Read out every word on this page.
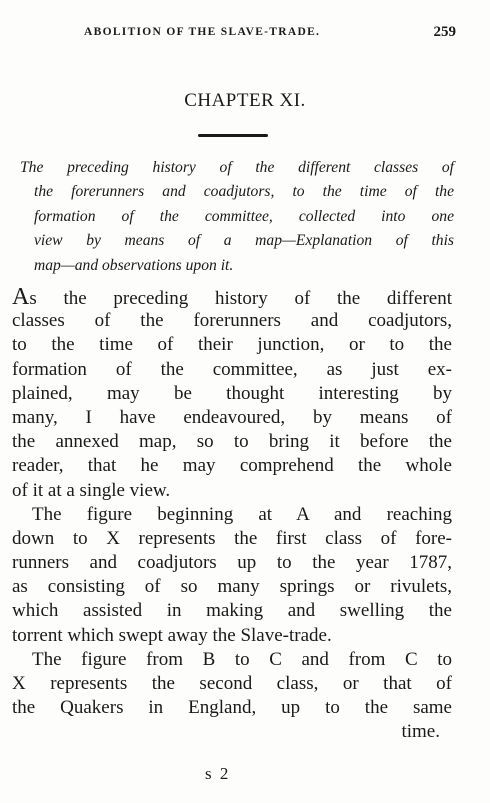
ABOLITION OF THE SLAVE-TRADE.	259
CHAPTER XI.
The preceding history of the different classes of
the forerunners and coadjutors, to the time of the
formation of the committee, collected into one
view by means of a map—Explanation of this
map—and observations upon it.
As the preceding history of the different
classes of the forerunners and coadjutors,
to the time of their junction, or to the
formation of the committee, as just ex-
plained, may be thought interesting by
many, I have endeavoured, by means of
the annexed map, so to bring it before the
reader, that he may comprehend the whole
of it at a single view.
The figure beginning at A and reaching
down to X represents the first class of fore-
runners and coadjutors up to the year 1787,
as consisting of so many springs or rivulets,
which assisted in making and swelling the
torrent which swept away the Slave-trade.
The figure from B to C and from C to
X represents the second class, or that of
the Quakers in England, up to the same
time.
s 2
